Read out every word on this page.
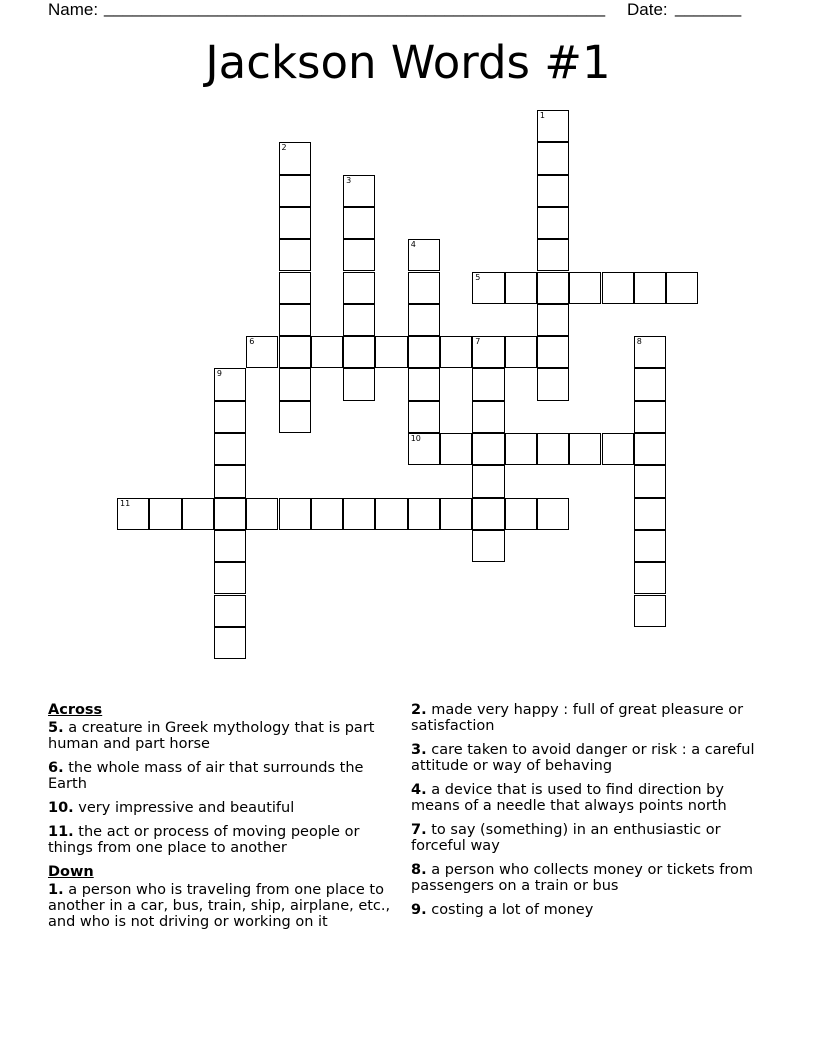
Name: _____________________________________________________ Date: _______
Jackson Words #1
1
2
3
4
10
5
6	7	8
9
11
Across
5. a creature in Greek mythology that is part human and part horse
6. the whole mass of air that surrounds the Earth
10. very impressive and beautiful
11. the act or process of moving people or things from one place to another
Down
1. a person who is traveling from one place to another in a car, bus, train, ship, airplane, etc., and who is not driving or working on it
2. made very happy : full of great pleasure or satisfaction
3. care taken to avoid danger or risk : a careful attitude or way of behaving
4. a device that is used to find direction by means of a needle that always points north
7. to say (something) in an enthusiastic or forceful way
8. a person who collects money or tickets from passengers on a train or bus
9. costing a lot of money
